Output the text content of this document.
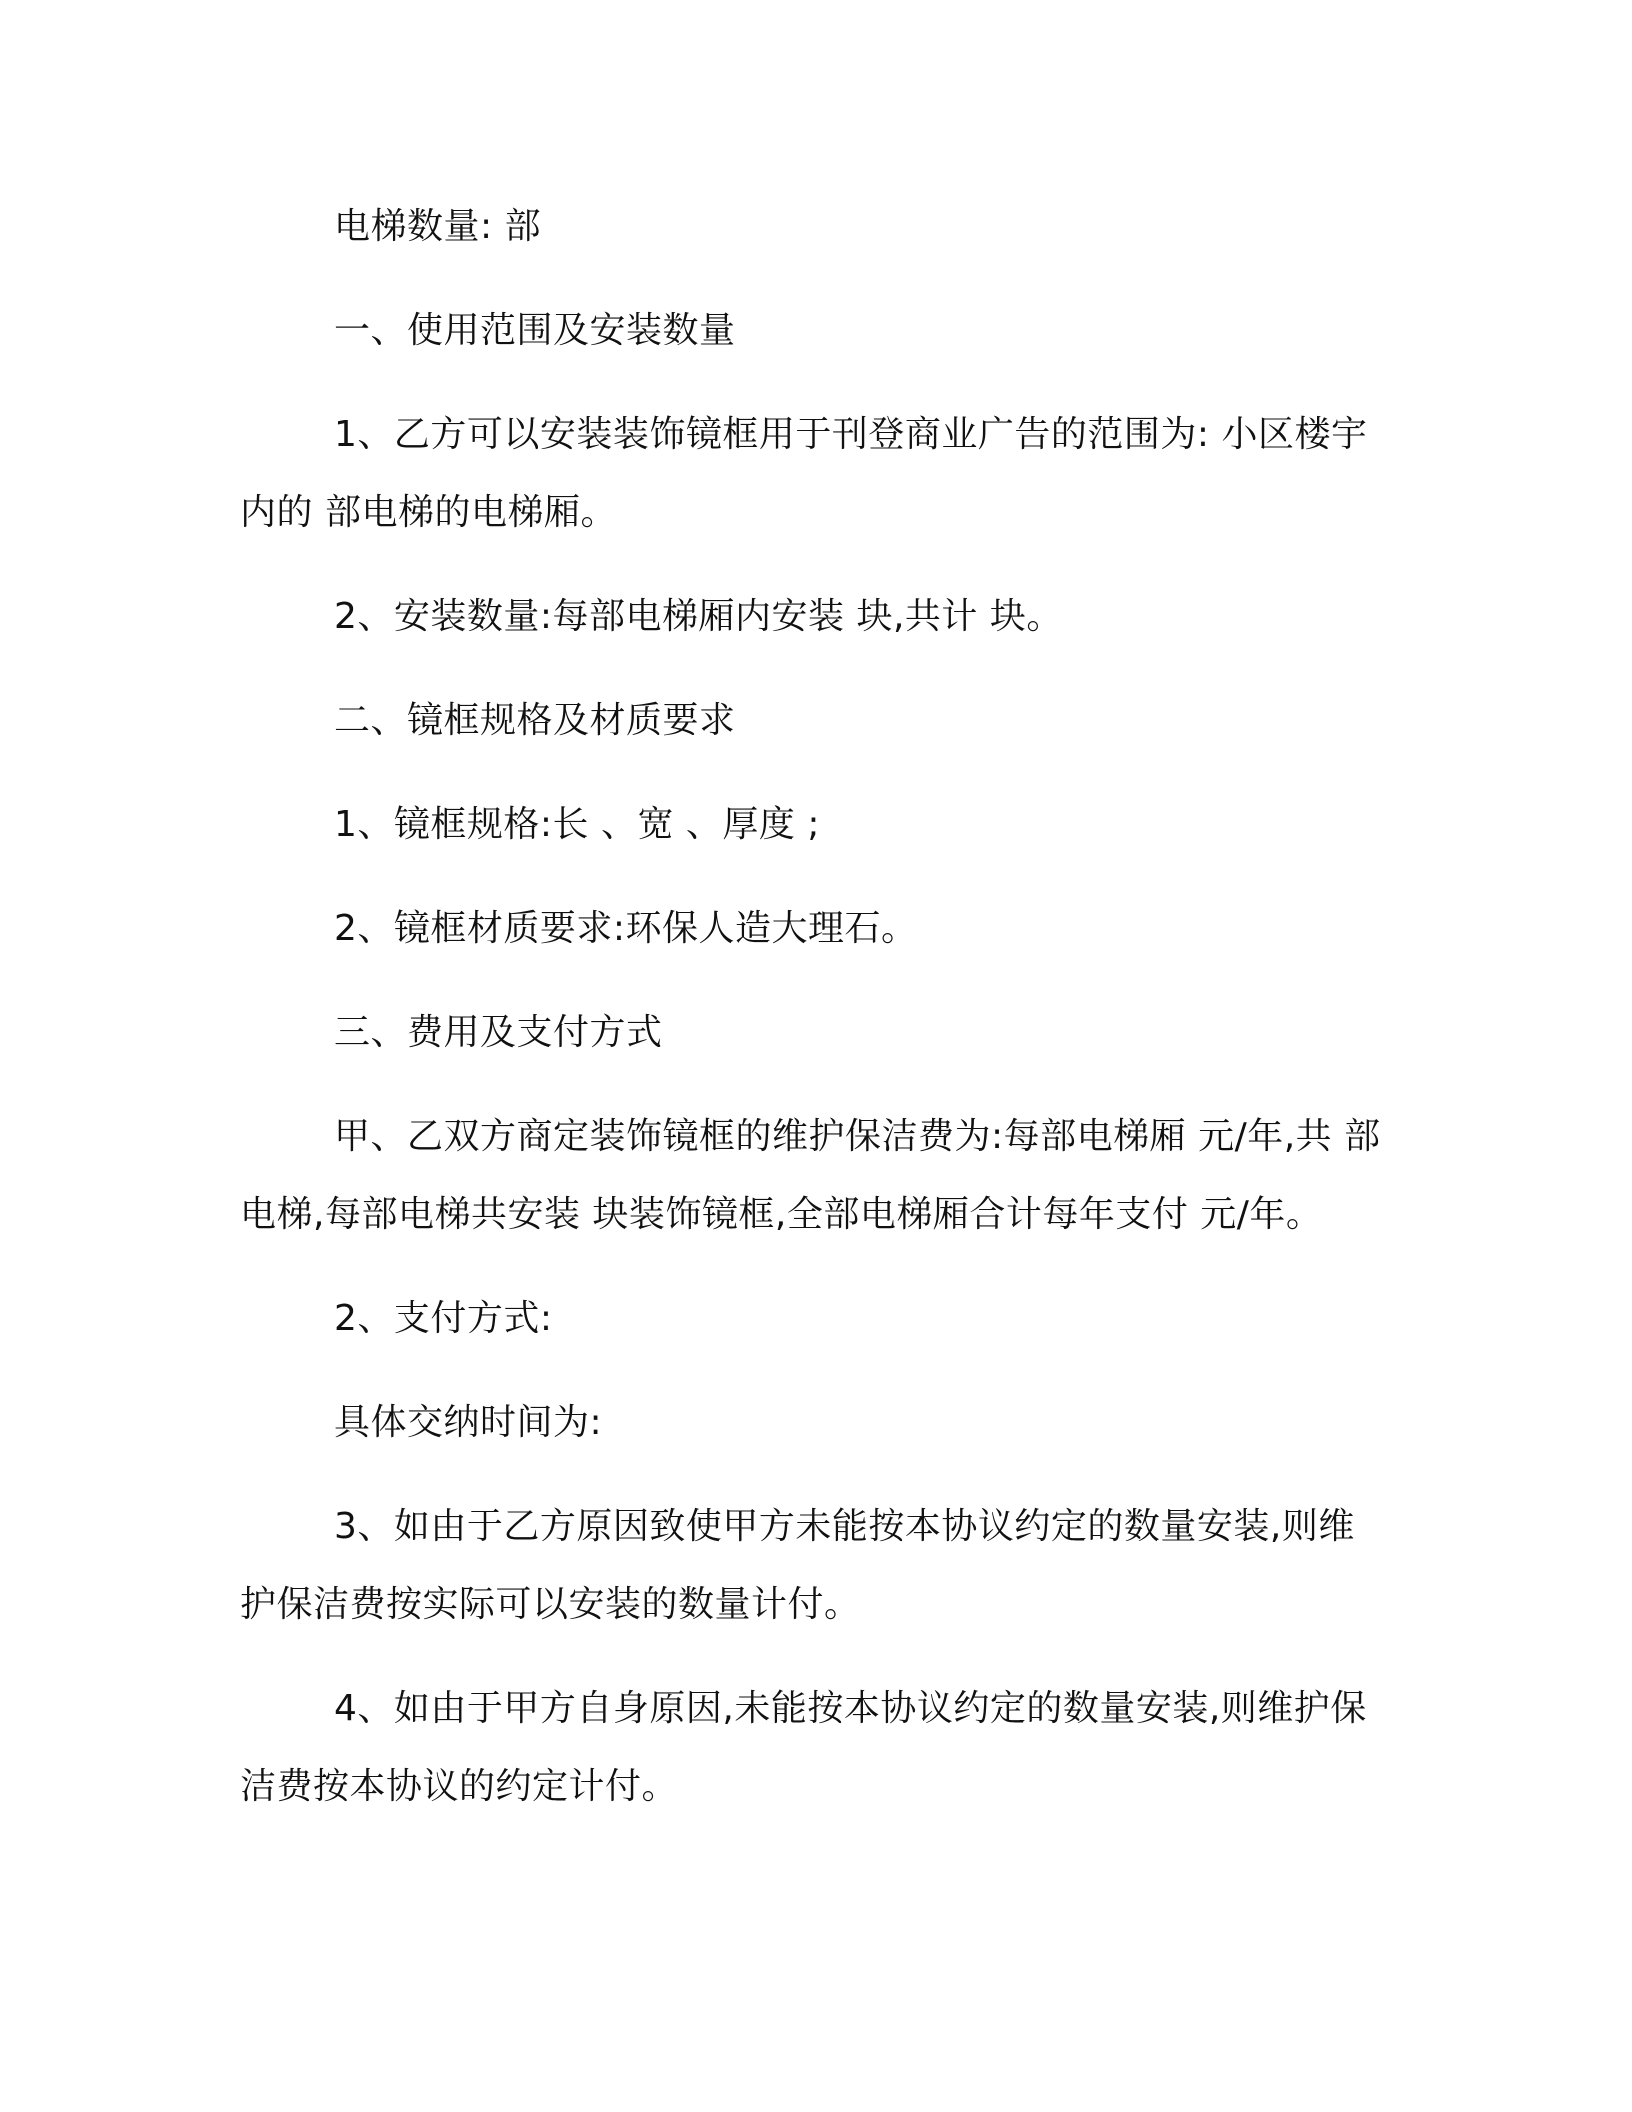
电梯数量: 部

一、使用范围及安装数量

1、乙方可以安装装饰镜框用于刊登商业广告的范围为: 小区楼宇内的 部电梯的电梯厢。

2、安装数量:每部电梯厢内安装 块,共计 块。

二、镜框规格及材质要求

1、镜框规格:长 、宽 、厚度 ;

2、镜框材质要求:环保人造大理石。

三、费用及支付方式

甲、乙双方商定装饰镜框的维护保洁费为:每部电梯厢 元/年,共 部电梯,每部电梯共安装 块装饰镜框,全部电梯厢合计每年支付 元/年。

2、支付方式:

具体交纳时间为:

3、如由于乙方原因致使甲方未能按本协议约定的数量安装,则维护保洁费按实际可以安装的数量计付。

4、如由于甲方自身原因,未能按本协议约定的数量安装,则维护保洁费按本协议的约定计付。
